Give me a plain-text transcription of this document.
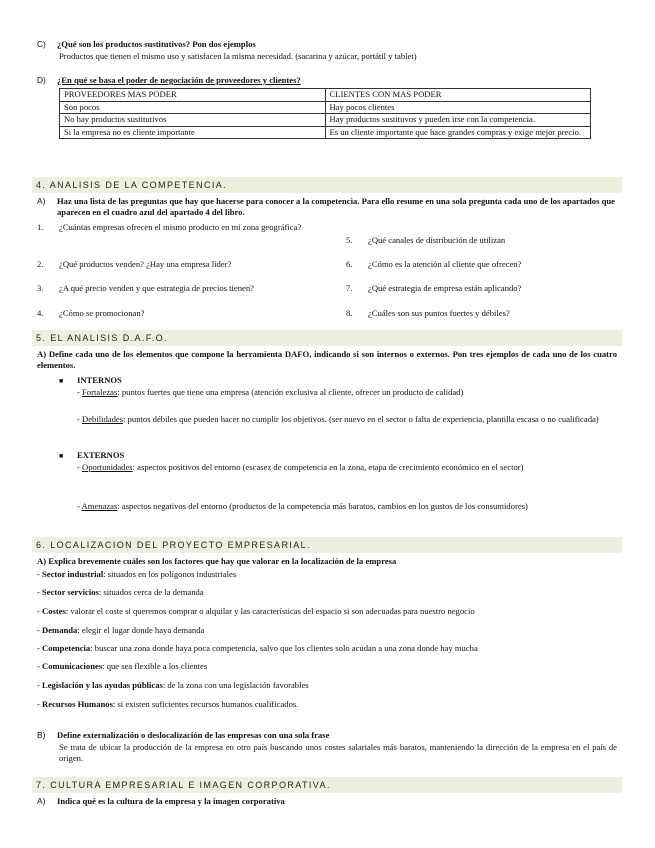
C) ¿Qué son los productos sustitutivos? Pon dos ejemplos
Productos que tienen el mismo uso y satisfacen la misma necesidad. (sacarina y azúcar, portátil y tablet)
D) ¿En qué se basa el poder de negociación de proveedores y clientes?
PROVEEDORES MAS PODER	CLIENTES CON MAS PODER
Son pocos	Hay pocos clientes
No hay productos sustitutivos	Hay productos sustituvos y pueden irse con la competencia.
Si la empresa no es cliente importante	Es un cliente importante que hace grandes compras y exige mejor precio.
4. ANALISIS DE LA COMPETENCIA.
A) Haz una lista de las preguntas que hay que hacerse para conocer a la competencia. Para ello resume en una sola pregunta cada uno de los apartados que aparecen en el cuadro azul del apartado 4 del libro.
1.	¿Cuántas empresas ofrecen el mismo producto en mi zona geográfica?
2.	¿Qué productos venden? ¿Hay una empresa líder?
3.	¿A qué precio venden y que estrategia de precios tienen?
4.	¿Cómo se promocionan?
5.	¿Qué canales de distribución de utilizan
6.	¿Cómo es la atención al cliente que ofrecen?
7.	¿Qué estrategia de empresa están aplicando?
8.	¿Cuáles son sus puntos fuertes y débiles?
5. EL ANALISIS D.A.F.O.
A) Define cada uno de los elementos que compone la herramienta DAFO, indicando si son internos o externos. Pon tres ejemplos de cada uno de los cuatro elementos.
■ INTERNOS
- Fortalezas: puntos fuertes que tiene una empresa (atención exclusiva al cliente, ofrecer un producto de calidad)
- Debilidades: puntos débiles que pueden hacer no cumplir los objetivos. (ser nuevo en el sector o falta de experiencia, plantilla escasa o no cualificada)
■ EXTERNOS
- Oportunidades: aspectos positivos del entorno (escasez de competencia en la zona, etapa de crecimiento económico en el sector)
- Amenazas: aspectos negativos del entorno (productos de la competencia más baratos, cambios en los gustos de los consumidores)
6. LOCALIZACION DEL PROYECTO EMPRESARIAL.
A) Explica brevemente cuáles son los factores que hay que valorar en la localización de la empresa
- Sector industrial: situados en los polígonos industriales
- Sector servicios: situados cerca de la demanda
- Costes: valorar el coste si queremos comprar o alquilar y las características del espacio si son adecuadas para nuestro negocio
- Demanda: elegir el lugar donde haya demanda
- Competencia: buscar una zona donde haya poca competencia, salvo que los clientes solo acudan a una zona donde hay mucha
- Comunicaciones: que sea flexible a los clientes
- Legislación y las ayudas públicas: de la zona con una legislación favorables
- Recursos Humanos: si existen suficientes recursos humanos cualificados.
B) Define externalización o deslocalización de las empresas con una sola frase
Se trata de ubicar la producción de la empresa en otro país buscando unos costes salariales más baratos, manteniendo la dirección de la empresa en el país de origen.
7. CULTURA EMPRESARIAL E IMAGEN CORPORATIVA.
A) Indica qué es la cultura de la empresa y la imagen corporativa
